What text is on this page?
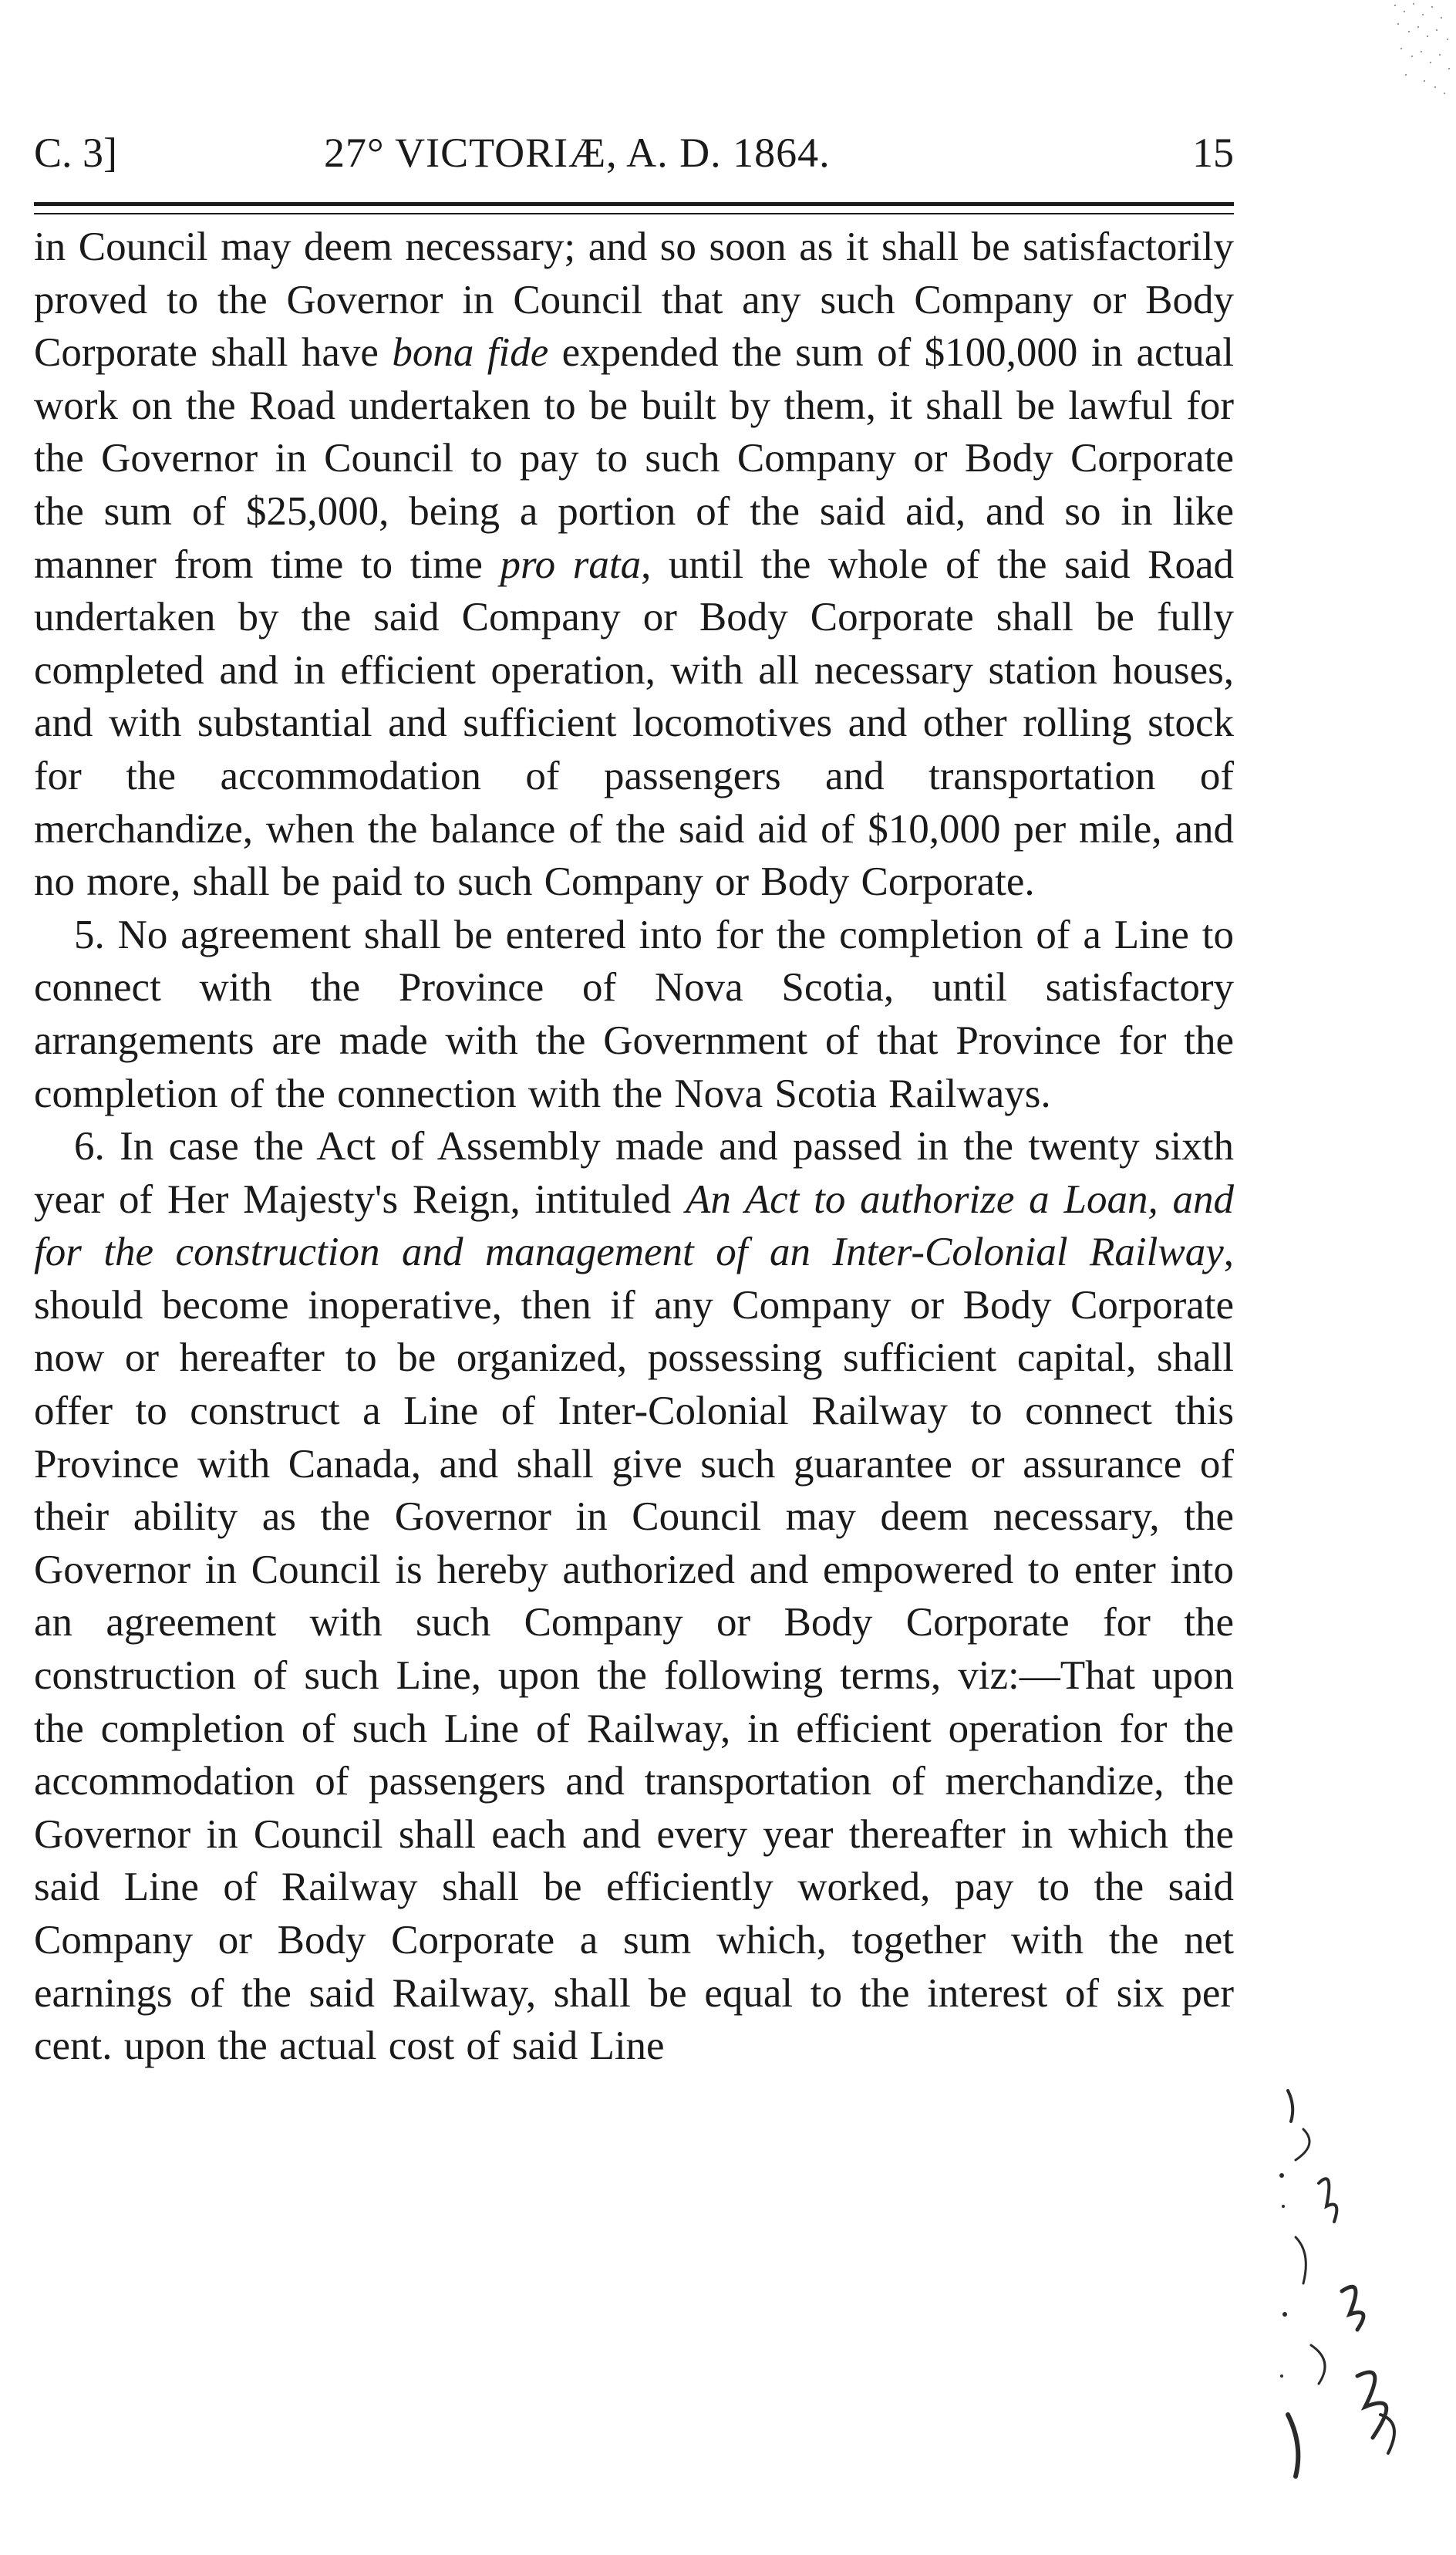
C. 3]	27° VICTORIÆ, A. D. 1864.	15

in Council may deem necessary; and so soon as it shall be satisfactorily proved to the Governor in Council that any such Company or Body Corporate shall have bona fide expended the sum of $100,000 in actual work on the Road undertaken to be built by them, it shall be lawful for the Governor in Council to pay to such Company or Body Corporate the sum of $25,000, being a portion of the said aid, and so in like manner from time to time pro rata, until the whole of the said Road undertaken by the said Company or Body Corporate shall be fully completed and in efficient operation, with all necessary station houses, and with substantial and sufficient locomotives and other rolling stock for the accommodation of passengers and transportation of merchandize, when the balance of the said aid of $10,000 per mile, and no more, shall be paid to such Company or Body Corporate.

5. No agreement shall be entered into for the completion of a Line to connect with the Province of Nova Scotia, until satisfactory arrangements are made with the Government of that Province for the completion of the connection with the Nova Scotia Railways.

6. In case the Act of Assembly made and passed in the twenty sixth year of Her Majesty's Reign, intituled An Act to authorize a Loan, and for the construction and management of an Inter-Colonial Railway, should become inoperative, then if any Company or Body Corporate now or hereafter to be organized, possessing sufficient capital, shall offer to construct a Line of Inter-Colonial Railway to connect this Province with Canada, and shall give such guarantee or assurance of their ability as the Governor in Council may deem necessary, the Governor in Council is hereby authorized and empowered to enter into an agreement with such Company or Body Corporate for the construction of such Line, upon the following terms, viz:—That upon the completion of such Line of Railway, in efficient operation for the accommodation of passengers and transportation of merchandize, the Governor in Council shall each and every year thereafter in which the said Line of Railway shall be efficiently worked, pay to the said Company or Body Corporate a sum which, together with the net earnings of the said Railway, shall be equal to the interest of six per cent. upon the actual cost of said Line
